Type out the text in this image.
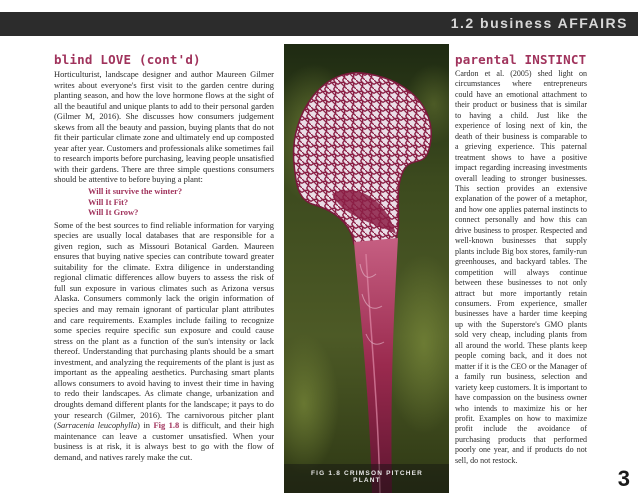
1.2 business AFFAIRS
blind LOVE (cont'd)

Horticulturist, landscape designer and author Maureen Gilmer writes about everyone's first visit to the garden centre during planting season, and how the love hormone flows at the sight of all the beautiful and unique plants to add to their personal garden (Gilmer M, 2016). She discusses how consumers judgement skews from all the beauty and passion, buying plants that do not fit their particular climate zone and ultimately end up composted year after year. Customers and professionals alike sometimes fail to research imports before purchasing, leaving people unsatisfied with their gardens. There are three simple questions consumers should be attentive to before buying a plant:

Will it survive the winter?
Will It Fit?
Will It Grow?

Some of the best sources to find reliable information for varying species are usually local databases that are responsible for a given region, such as Missouri Botanical Garden. Maureen ensures that buying native species can contribute toward greater suitability for the climate. Extra diligence in understanding regional climatic differences allow buyers to assess the risk of full sun exposure in various climates such as Arizona versus Alaska. Consumers commonly lack the origin information of species and may remain ignorant of particular plant attributes and care requirements. Examples include failing to recognize some species require specific sun exposure and could cause stress on the plant as a function of the sun's intensity or lack thereof. Understanding that purchasing plants should be a smart investment, and analyzing the requirements of the plant is just as important as the appealing aesthetics. Purchasing smart plants allows consumers to avoid having to invest their time in having to redo their landscapes. As climate change, urbanization and droughts demand different plants for the landscape; it pays to do your research (Gilmer, 2016). The carnivorous pitcher plant (Sarracenia leucophylla) in Fig 1.8 is difficult, and their high maintenance can leave a customer unsatisfied. When your business is at risk, it is always best to go with the flow of demand, and natives rarely make the cut.

FIG 1.8 CRIMSON PITCHER PLANT
parental INSTINCT

Cardon et al. (2005) shed light on circumstances where entrepreneurs could have an emotional attachment to their product or business that is similar to having a child. Just like the experience of losing next of kin, the death of their business is comparable to a grieving experience. This paternal treatment shows to have a positive impact regarding increasing investments overall leading to stronger businesses. This section provides an extensive explanation of the power of a metaphor, and how one applies paternal instincts to connect personally and how this can drive business to prosper. Respected and well-known businesses that supply plants include Big box stores, family-run greenhouses, and backyard tables. The competition will always continue between these businesses to not only attract but more importantly retain consumers. From experience, smaller businesses have a harder time keeping up with the Superstore's GMO plants sold very cheap, including plants from all around the world. These plants keep people coming back, and it does not matter if it is the CEO or the Manager of a family run business, selection and variety keep customers. It is important to have compassion on the business owner who intends to maximize his or her profit. Examples on how to maximize profit include the avoidance of purchasing products that performed poorly one year, and if products do not sell, do not restock.

3
